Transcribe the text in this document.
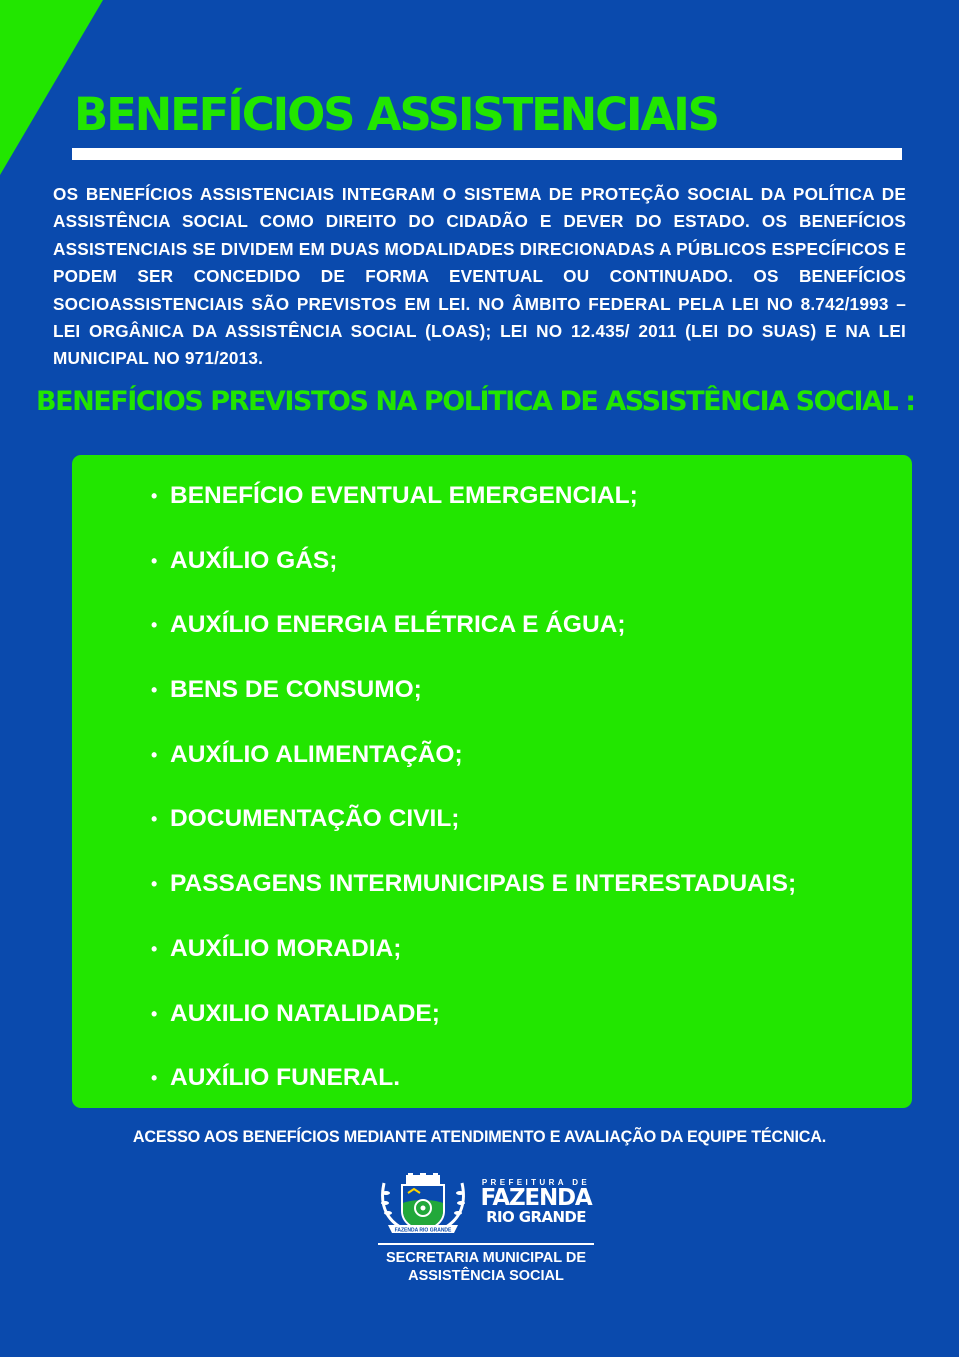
BENEFÍCIOS ASSISTENCIAIS

OS BENEFÍCIOS ASSISTENCIAIS INTEGRAM O SISTEMA DE PROTEÇÃO SOCIAL DA POLÍTICA DE ASSISTÊNCIA SOCIAL COMO DIREITO DO CIDADÃO E DEVER DO ESTADO. OS BENEFÍCIOS ASSISTENCIAIS SE DIVIDEM EM DUAS MODALIDADES DIRECIONADAS A PÚBLICOS ESPECÍFICOS E PODEM SER CONCEDIDO DE FORMA EVENTUAL OU CONTINUADO. OS BENEFÍCIOS SOCIOASSISTENCIAIS SÃO PREVISTOS EM LEI. NO ÂMBITO FEDERAL PELA LEI NO 8.742/1993 – LEI ORGÂNICA DA ASSISTÊNCIA SOCIAL (LOAS); LEI NO 12.435/ 2011 (LEI DO SUAS) E NA LEI MUNICIPAL NO 971/2013.

BENEFÍCIOS PREVISTOS NA POLÍTICA DE ASSISTÊNCIA SOCIAL :
• BENEFÍCIO EVENTUAL EMERGENCIAL;
• AUXÍLIO GÁS;
• AUXÍLIO ENERGIA ELÉTRICA E ÁGUA;
• BENS DE CONSUMO;
• AUXÍLIO ALIMENTAÇÃO;
• DOCUMENTAÇÃO CIVIL;
• PASSAGENS INTERMUNICIPAIS E INTERESTADUAIS;
• AUXÍLIO MORADIA;
• AUXILIO NATALIDADE;
• AUXÍLIO FUNERAL.

ACESSO AOS BENEFÍCIOS MEDIANTE ATENDIMENTO E AVALIAÇÃO DA EQUIPE TÉCNICA.

FAZENDA RIO GRANDE
PREFEITURA DE
FAZENDA
RIO GRANDE
SECRETARIA MUNICIPAL DE
ASSISTÊNCIA SOCIAL
